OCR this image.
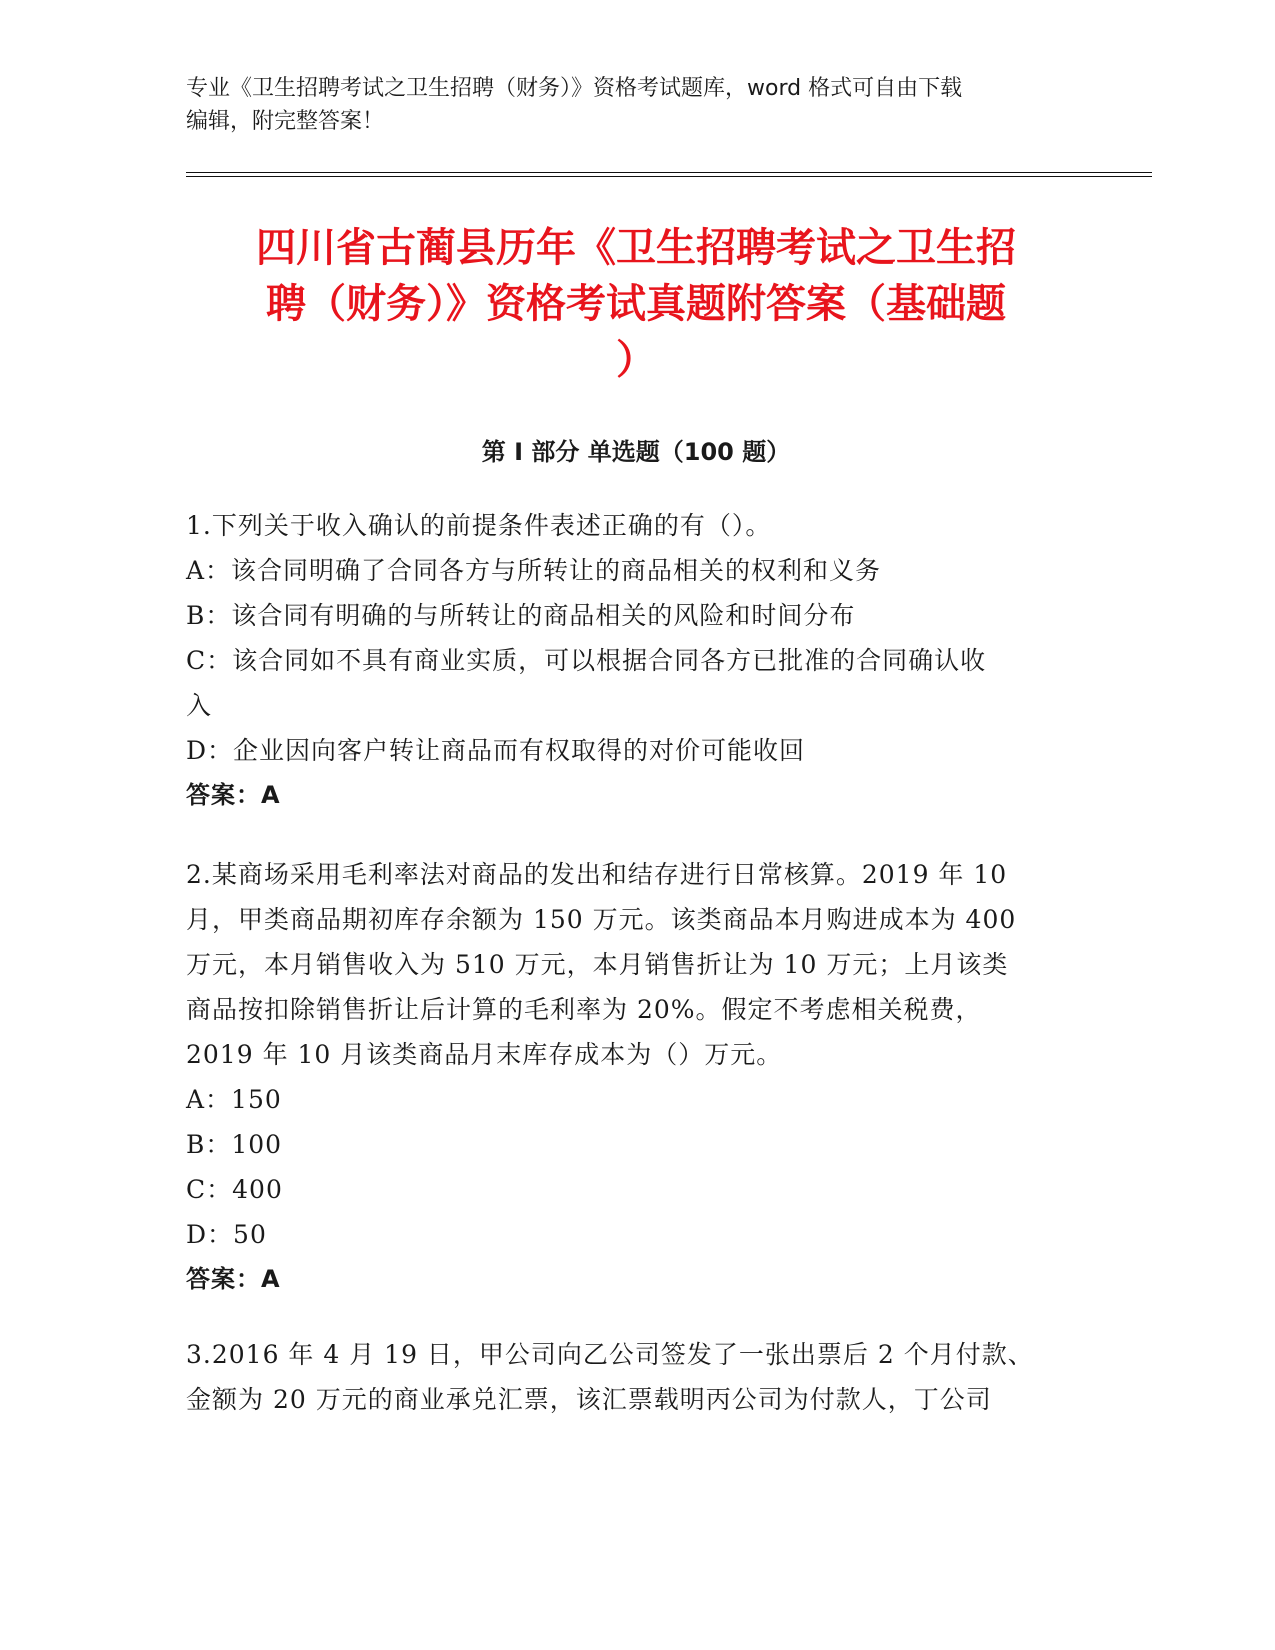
专业《卫生招聘考试之卫生招聘（财务）》资格考试题库，word 格式可自由下载
编辑，附完整答案！
四川省古蔺县历年《卫生招聘考试之卫生招
聘（财务）》资格考试真题附答案（基础题
）
第 I 部分 单选题（100 题）

1.下列关于收入确认的前提条件表述正确的有（）。

A：该合同明确了合同各方与所转让的商品相关的权利和义务

B：该合同有明确的与所转让的商品相关的风险和时间分布

C：该合同如不具有商业实质，可以根据合同各方已批准的合同确认收

入

D：企业因向客户转让商品而有权取得的对价可能收回

答案：A

2.某商场采用毛利率法对商品的发出和结存进行日常核算。2019 年 10

月，甲类商品期初库存余额为 150 万元。该类商品本月购进成本为 400

万元，本月销售收入为 510 万元，本月销售折让为 10 万元；上月该类

商品按扣除销售折让后计算的毛利率为 20%。假定不考虑相关税费，

2019 年 10 月该类商品月末库存成本为（）万元。

A：150

B：100

C：400

D：50

答案：A

3.2016 年 4 月 19 日，甲公司向乙公司签发了一张出票后 2 个月付款、

金额为 20 万元的商业承兑汇票，该汇票载明丙公司为付款人，丁公司
